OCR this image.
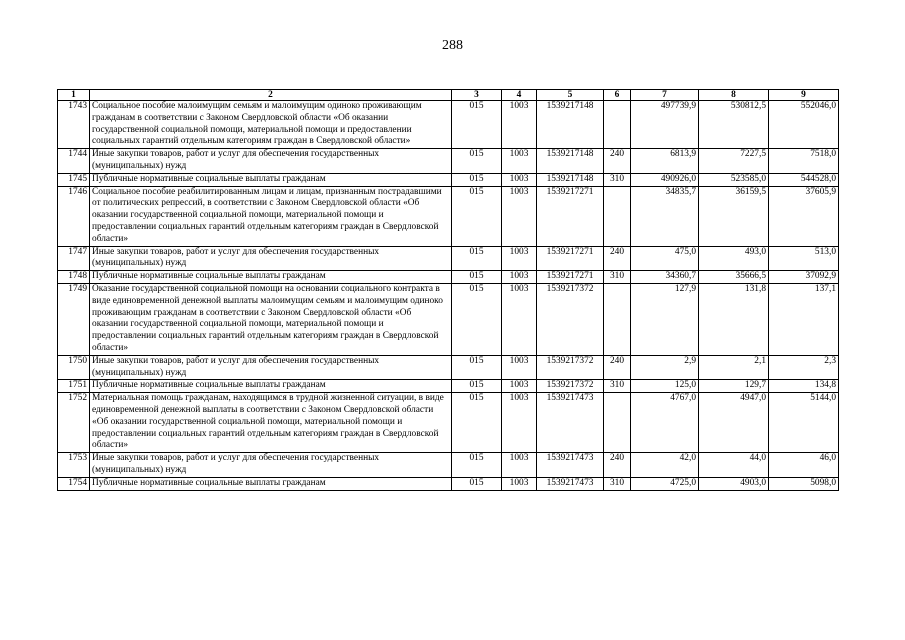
288
1	2	3	4	5	6	7	8	9
1743	Социальное пособие малоимущим семьям и малоимущим одиноко проживающим гражданам в соответствии с Законом Свердловской области «Об оказании государственной социальной помощи, материальной помощи и предоставлении социальных гарантий отдельным категориям граждан в Свердловской области»	015	1003	1539217148		497739,9	530812,5	552046,0
1744	Иные закупки товаров, работ и услуг для обеспечения государственных (муниципальных) нужд	015	1003	1539217148	240	6813,9	7227,5	7518,0
1745	Публичные нормативные социальные выплаты гражданам	015	1003	1539217148	310	490926,0	523585,0	544528,0
1746	Социальное пособие реабилитированным лицам и лицам, признанным пострадавшими от политических репрессий, в соответствии с Законом Свердловской области «Об оказании государственной социальной помощи, материальной помощи и предоставлении социальных гарантий отдельным категориям граждан в Свердловской области»	015	1003	1539217271		34835,7	36159,5	37605,9
1747	Иные закупки товаров, работ и услуг для обеспечения государственных (муниципальных) нужд	015	1003	1539217271	240	475,0	493,0	513,0
1748	Публичные нормативные социальные выплаты гражданам	015	1003	1539217271	310	34360,7	35666,5	37092,9
1749	Оказание государственной социальной помощи на основании социального контракта в виде единовременной денежной выплаты малоимущим семьям и малоимущим одиноко проживающим гражданам в соответствии с Законом Свердловской области «Об оказании государственной социальной помощи, материальной помощи и предоставлении социальных гарантий отдельным категориям граждан в Свердловской области»	015	1003	1539217372		127,9	131,8	137,1
1750	Иные закупки товаров, работ и услуг для обеспечения государственных (муниципальных) нужд	015	1003	1539217372	240	2,9	2,1	2,3
1751	Публичные нормативные социальные выплаты гражданам	015	1003	1539217372	310	125,0	129,7	134,8
1752	Материальная помощь гражданам, находящимся в трудной жизненной ситуации, в виде единовременной денежной выплаты в соответствии с Законом Свердловской области «Об оказании государственной социальной помощи, материальной помощи и предоставлении социальных гарантий отдельным категориям граждан в Свердловской области»	015	1003	1539217473		4767,0	4947,0	5144,0
1753	Иные закупки товаров, работ и услуг для обеспечения государственных (муниципальных) нужд	015	1003	1539217473	240	42,0	44,0	46,0
1754	Публичные нормативные социальные выплаты гражданам	015	1003	1539217473	310	4725,0	4903,0	5098,0
